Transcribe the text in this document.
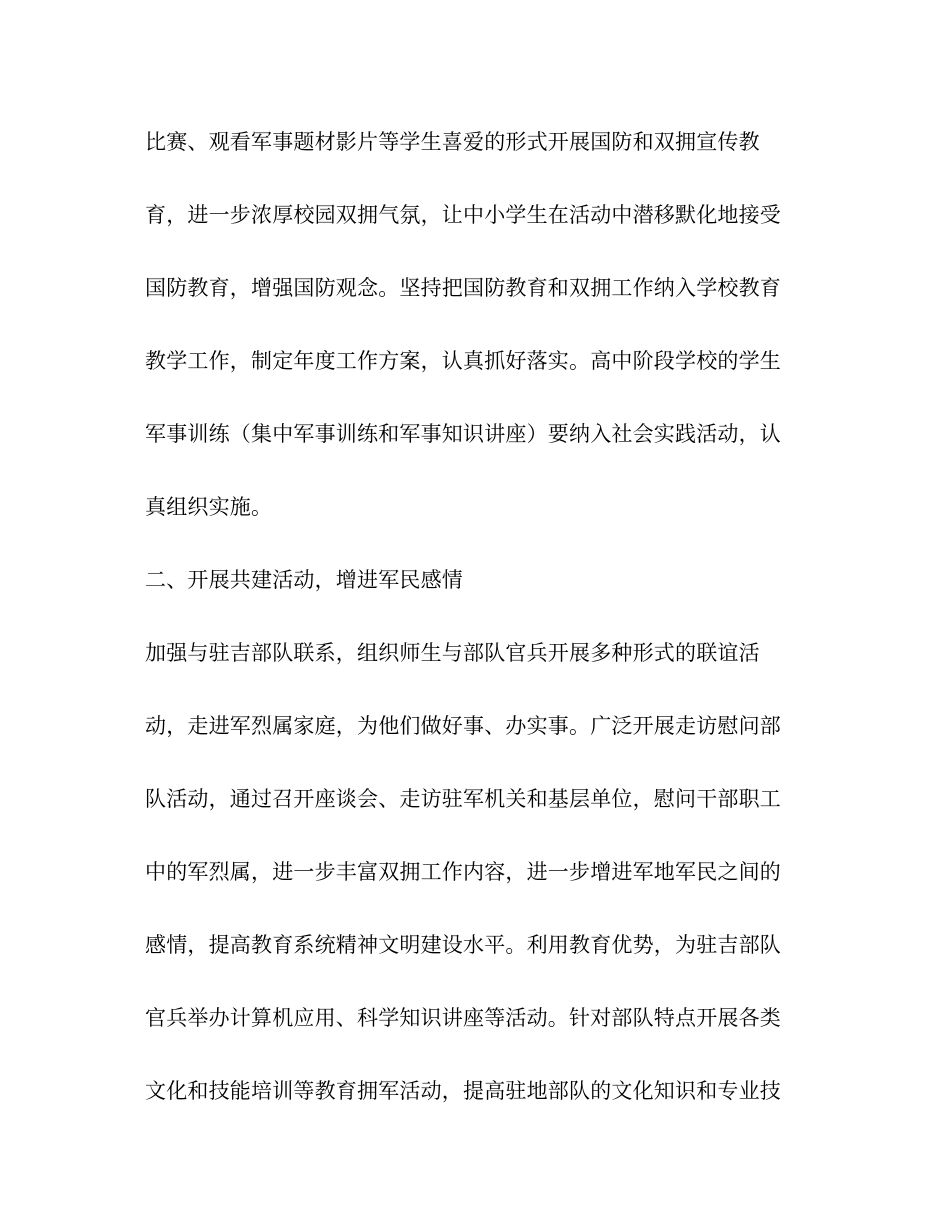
比赛、观看军事题材影片等学生喜爱的形式开展国防和双拥宣传教
育，进一步浓厚校园双拥气氛，让中小学生在活动中潜移默化地接受
国防教育，增强国防观念。坚持把国防教育和双拥工作纳入学校教育
教学工作，制定年度工作方案，认真抓好落实。高中阶段学校的学生
军事训练（集中军事训练和军事知识讲座）要纳入社会实践活动，认
真组织实施。
二、开展共建活动，增进军民感情
加强与驻吉部队联系，组织师生与部队官兵开展多种形式的联谊活
动，走进军烈属家庭，为他们做好事、办实事。广泛开展走访慰问部
队活动，通过召开座谈会、走访驻军机关和基层单位，慰问干部职工
中的军烈属，进一步丰富双拥工作内容，进一步增进军地军民之间的
感情，提高教育系统精神文明建设水平。利用教育优势，为驻吉部队
官兵举办计算机应用、科学知识讲座等活动。针对部队特点开展各类
文化和技能培训等教育拥军活动，提高驻地部队的文化知识和专业技
